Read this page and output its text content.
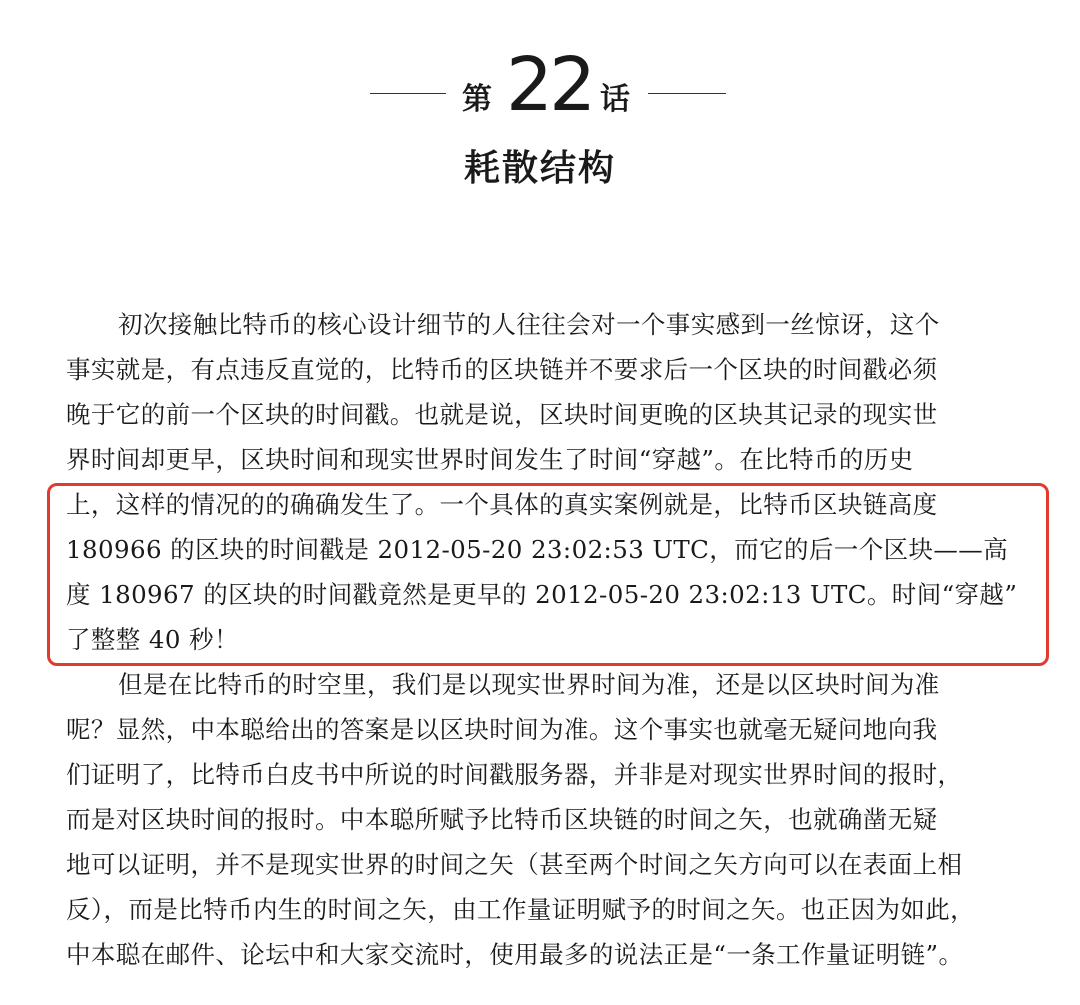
第 22 话
耗散结构
初次接触比特币的核心设计细节的人往往会对一个事实感到一丝惊讶，这个
事实就是，有点违反直觉的，比特币的区块链并不要求后一个区块的时间戳必须
晚于它的前一个区块的时间戳。也就是说，区块时间更晚的区块其记录的现实世
界时间却更早，区块时间和现实世界时间发生了时间“穿越”。在比特币的历史
上，这样的情况的的确确发生了。一个具体的真实案例就是，比特币区块链高度
180966 的区块的时间戳是 2012-05-20 23:02:53 UTC，而它的后一个区块——高
度 180967 的区块的时间戳竟然是更早的 2012-05-20 23:02:13 UTC。时间“穿越”
了整整 40 秒！
但是在比特币的时空里，我们是以现实世界时间为准，还是以区块时间为准
呢？显然，中本聪给出的答案是以区块时间为准。这个事实也就毫无疑问地向我
们证明了，比特币白皮书中所说的时间戳服务器，并非是对现实世界时间的报时，
而是对区块时间的报时。中本聪所赋予比特币区块链的时间之矢，也就确凿无疑
地可以证明，并不是现实世界的时间之矢（甚至两个时间之矢方向可以在表面上相
反），而是比特币内生的时间之矢，由工作量证明赋予的时间之矢。也正因为如此，
中本聪在邮件、论坛中和大家交流时，使用最多的说法正是“一条工作量证明链”。
